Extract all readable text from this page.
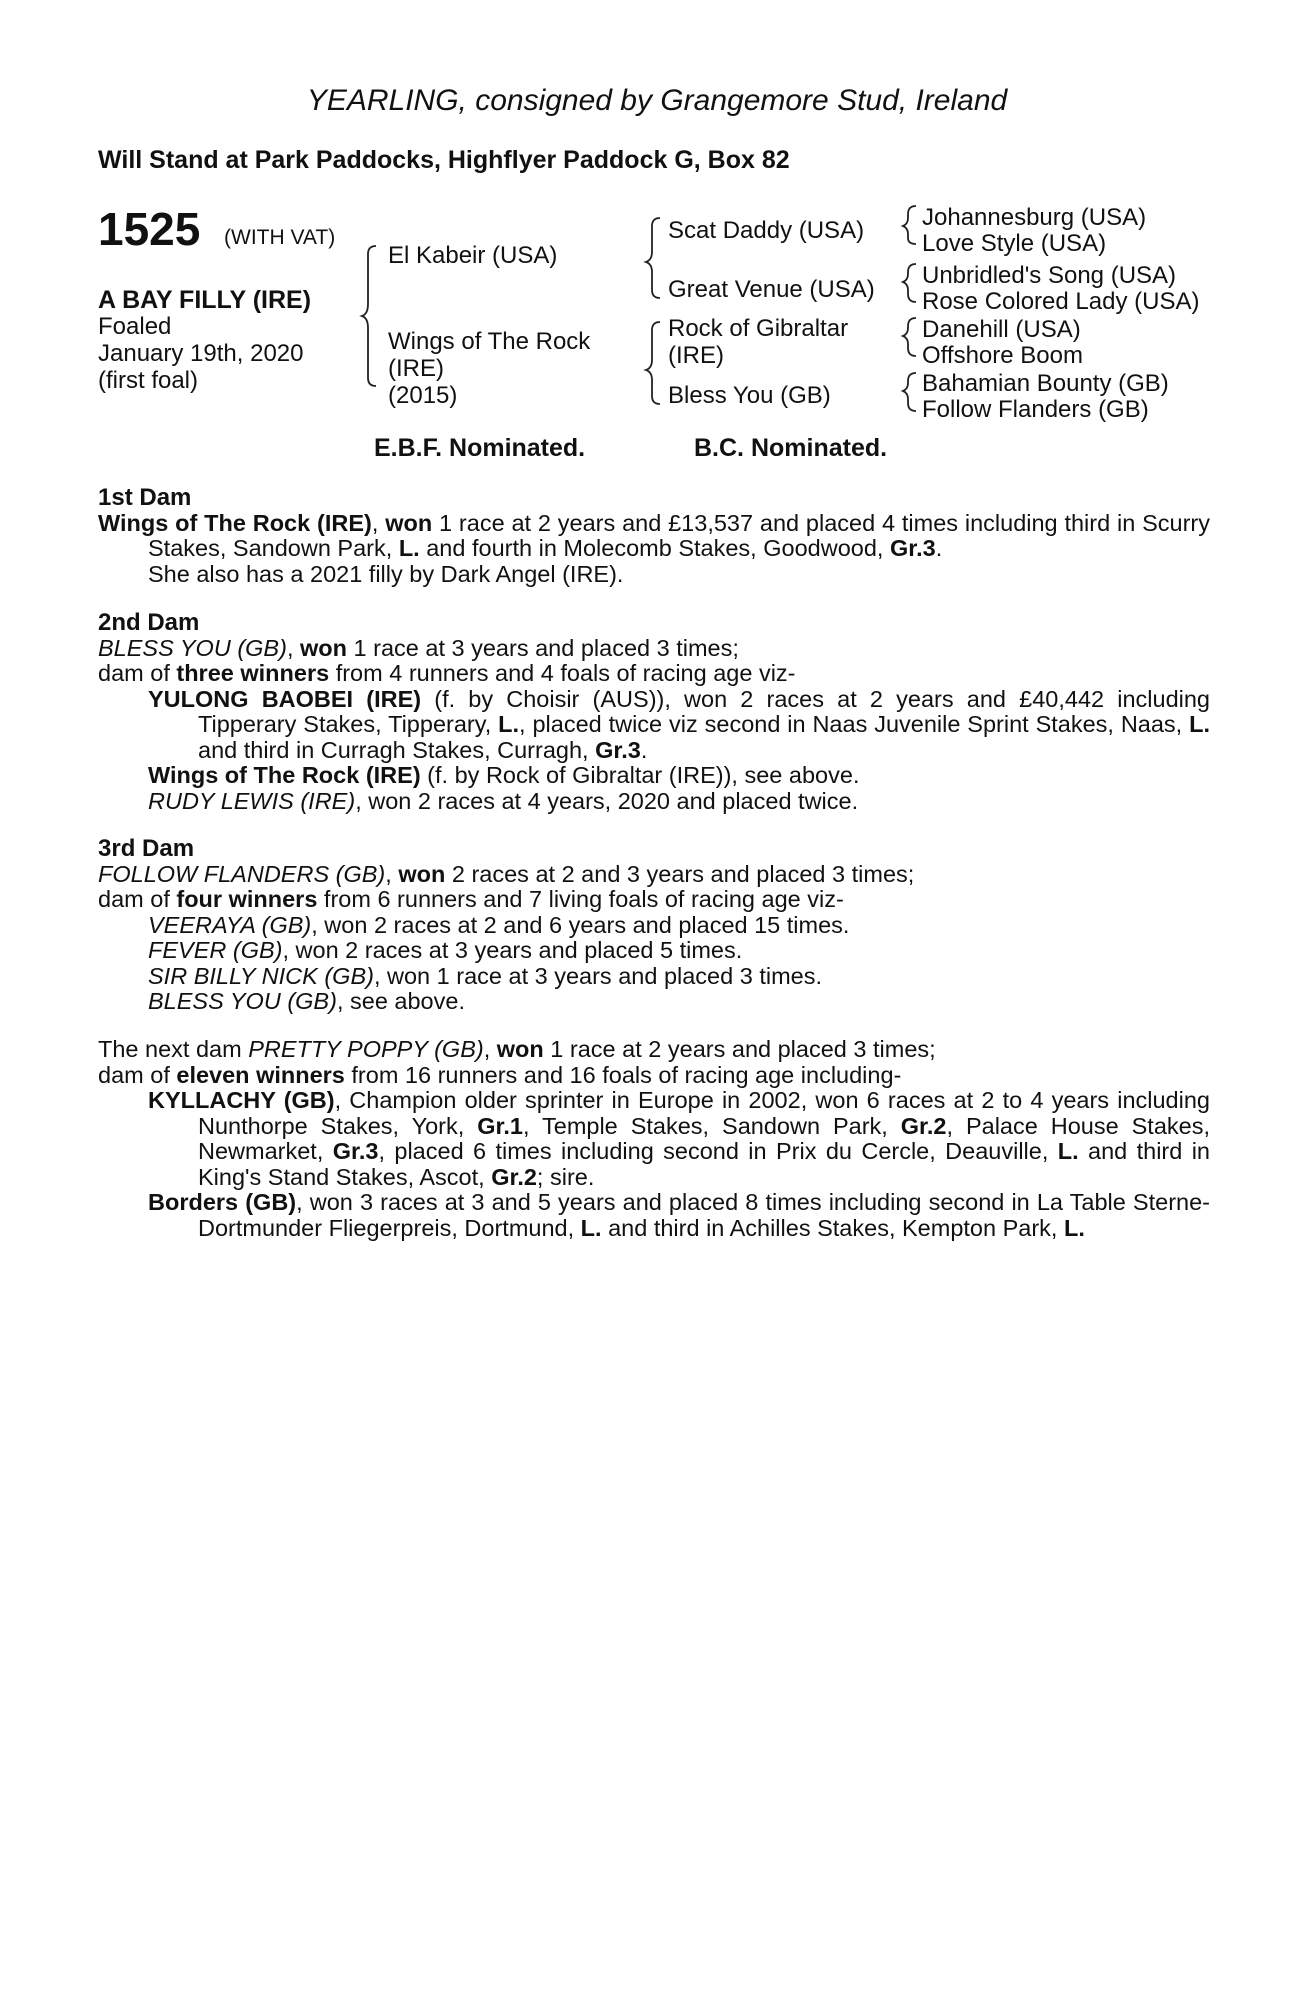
YEARLING, consigned by Grangemore Stud, Ireland
Will Stand at Park Paddocks, Highflyer Paddock G, Box 82
1525 (WITH VAT)
A BAY FILLY (IRE)
Foaled
January 19th, 2020
(first foal)
El Kabeir (USA)
Wings of The Rock
(IRE)
(2015)
Scat Daddy (USA)
Great Venue (USA)
Rock of Gibraltar
(IRE)
Bless You (GB)
Johannesburg (USA)
Love Style (USA)
Unbridled's Song (USA)
Rose Colored Lady (USA)
Danehill (USA)
Offshore Boom
Bahamian Bounty (GB)
Follow Flanders (GB)
E.B.F. Nominated.	B.C. Nominated.

1st Dam

Wings of The Rock (IRE), won 1 race at 2 years and £13,537 and placed 4 times including third in Scurry Stakes, Sandown Park, L. and fourth in Molecomb Stakes, Goodwood, Gr.3.

She also has a 2021 filly by Dark Angel (IRE).

2nd Dam

BLESS YOU (GB), won 1 race at 3 years and placed 3 times;

dam of three winners from 4 runners and 4 foals of racing age viz-

YULONG BAOBEI (IRE) (f. by Choisir (AUS)), won 2 races at 2 years and £40,442 including Tipperary Stakes, Tipperary, L., placed twice viz second in Naas Juvenile Sprint Stakes, Naas, L. and third in Curragh Stakes, Curragh, Gr.3.

Wings of The Rock (IRE) (f. by Rock of Gibraltar (IRE)), see above.

RUDY LEWIS (IRE), won 2 races at 4 years, 2020 and placed twice.

3rd Dam

FOLLOW FLANDERS (GB), won 2 races at 2 and 3 years and placed 3 times;

dam of four winners from 6 runners and 7 living foals of racing age viz-

VEERAYA (GB), won 2 races at 2 and 6 years and placed 15 times.

FEVER (GB), won 2 races at 3 years and placed 5 times.

SIR BILLY NICK (GB), won 1 race at 3 years and placed 3 times.

BLESS YOU (GB), see above.

The next dam PRETTY POPPY (GB), won 1 race at 2 years and placed 3 times;

dam of eleven winners from 16 runners and 16 foals of racing age including-

KYLLACHY (GB), Champion older sprinter in Europe in 2002, won 6 races at 2 to 4 years including Nunthorpe Stakes, York, Gr.1, Temple Stakes, Sandown Park, Gr.2, Palace House Stakes, Newmarket, Gr.3, placed 6 times including second in Prix du Cercle, Deauville, L. and third in King's Stand Stakes, Ascot, Gr.2; sire.

Borders (GB), won 3 races at 3 and 5 years and placed 8 times including second in La Table Sterne-Dortmunder Fliegerpreis, Dortmund, L. and third in Achilles Stakes, Kempton Park, L.
